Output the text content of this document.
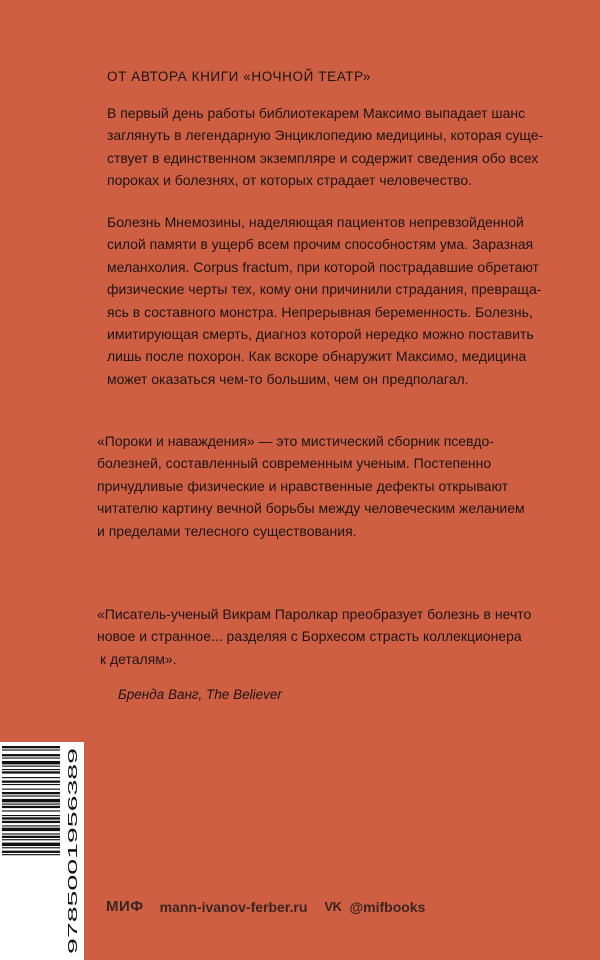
ОТ АВТОРА КНИГИ «НОЧНОЙ ТЕАТР»
В первый день работы библиотекарем Максимо выпадает шанс
заглянуть в легендарную Энциклопедию медицины, которая суще-
ствует в единственном экземпляре и содержит сведения обо всех
пороках и болезнях, от которых страдает человечество.
Болезнь Мнемозины, наделяющая пациентов непревзойденной
силой памяти в ущерб всем прочим способностям ума. Заразная
меланхолия. Corpus fractum, при которой пострадавшие обретают
физические черты тех, кому они причинили страдания, превраща-
ясь в составного монстра. Непрерывная беременность. Болезнь,
имитирующая смерть, диагноз которой нередко можно поставить
лишь после похорон. Как вскоре обнаружит Максимо, медицина
может оказаться чем-то большим, чем он предполагал.
«Пороки и наваждения» — это мистический сборник псевдо-
болезней, составленный современным ученым. Постепенно
причудливые физические и нравственные дефекты открывают
читателю картину вечной борьбы между человеческим желанием
и пределами телесного существования.
«Писатель-ученый Викрам Паролкар преобразует болезнь в нечто
новое и странное... разделяя с Борхесом страсть коллекционера
к деталям».
Бренда Ванг, The Believer
9785001956389 МИФ mann-ivanov-ferber.ru VK @mifbooks
